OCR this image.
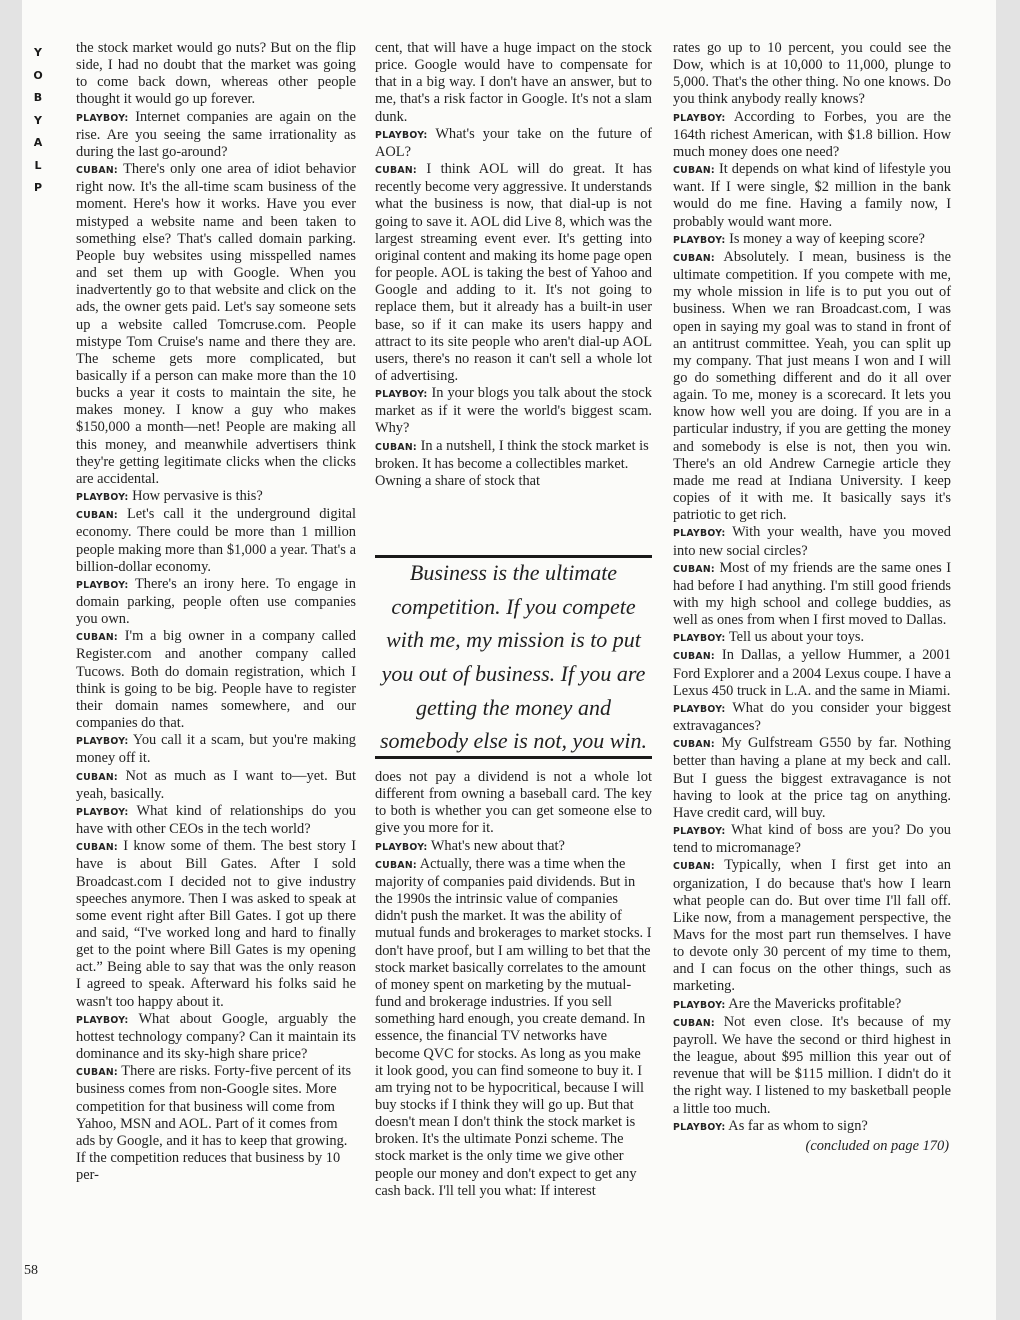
Y
O
B
Y
A
L
P
58

the stock market would go nuts? But on the flip side, I had no doubt that the market was going to come back down, whereas other people thought it would go up forever.

PLAYBOY: Internet companies are again on the rise. Are you seeing the same irrationality as during the last go-around?

CUBAN: There's only one area of idiot behavior right now. It's the all-time scam business of the moment. Here's how it works. Have you ever mistyped a website name and been taken to something else? That's called domain parking. People buy websites using misspelled names and set them up with Google. When you inadvertently go to that website and click on the ads, the owner gets paid. Let's say someone sets up a website called Tomcruse.com. People mistype Tom Cruise's name and there they are. The scheme gets more complicated, but basically if a person can make more than the 10 bucks a year it costs to maintain the site, he makes money. I know a guy who makes $150,000 a month—net! People are making all this money, and meanwhile advertisers think they're getting legitimate clicks when the clicks are accidental.

PLAYBOY: How pervasive is this?

CUBAN: Let's call it the underground digital economy. There could be more than 1 million people making more than $1,000 a year. That's a billion-dollar economy.

PLAYBOY: There's an irony here. To engage in domain parking, people often use companies you own.

CUBAN: I'm a big owner in a company called Register.com and another company called Tucows. Both do domain registration, which I think is going to be big. People have to register their domain names somewhere, and our companies do that.

PLAYBOY: You call it a scam, but you're making money off it.

CUBAN: Not as much as I want to—yet. But yeah, basically.

PLAYBOY: What kind of relationships do you have with other CEOs in the tech world?

CUBAN: I know some of them. The best story I have is about Bill Gates. After I sold Broadcast.com I decided not to give industry speeches anymore. Then I was asked to speak at some event right after Bill Gates. I got up there and said, “I've worked long and hard to finally get to the point where Bill Gates is my opening act.” Being able to say that was the only reason I agreed to speak. Afterward his folks said he wasn't too happy about it.

PLAYBOY: What about Google, arguably the hottest technology company? Can it maintain its dominance and its sky-high share price?

CUBAN: There are risks. Forty-five percent of its business comes from non-Google sites. More competition for that business will come from Yahoo, MSN and AOL. Part of it comes from ads by Google, and it has to keep that growing. If the competition reduces that business by 10 per-

cent, that will have a huge impact on the stock price. Google would have to compensate for that in a big way. I don't have an answer, but to me, that's a risk factor in Google. It's not a slam dunk.

PLAYBOY: What's your take on the future of AOL?

CUBAN: I think AOL will do great. It has recently become very aggressive. It understands what the business is now, that dial-up is not going to save it. AOL did Live 8, which was the largest streaming event ever. It's getting into original content and making its home page open for people. AOL is taking the best of Yahoo and Google and adding to it. It's not going to replace them, but it already has a built-in user base, so if it can make its users happy and attract to its site people who aren't dial-up AOL users, there's no reason it can't sell a whole lot of advertising.

PLAYBOY: In your blogs you talk about the stock market as if it were the world's biggest scam. Why?

CUBAN: In a nutshell, I think the stock market is broken. It has become a collectibles market. Owning a share of stock that

Business is the ultimate competition. If you compete with me, my mission is to put you out of business. If you are getting the money and somebody else is not, you win.

does not pay a dividend is not a whole lot different from owning a baseball card. The key to both is whether you can get someone else to give you more for it.

PLAYBOY: What's new about that?

CUBAN: Actually, there was a time when the majority of companies paid dividends. But in the 1990s the intrinsic value of companies didn't push the market. It was the ability of mutual funds and brokerages to market stocks. I don't have proof, but I am willing to bet that the stock market basically correlates to the amount of money spent on marketing by the mutual-fund and brokerage industries. If you sell something hard enough, you create demand. In essence, the financial TV networks have become QVC for stocks. As long as you make it look good, you can find someone to buy it. I am trying not to be hypocritical, because I will buy stocks if I think they will go up. But that doesn't mean I don't think the stock market is broken. It's the ultimate Ponzi scheme. The stock market is the only time we give other people our money and don't expect to get any cash back. I'll tell you what: If interest

rates go up to 10 percent, you could see the Dow, which is at 10,000 to 11,000, plunge to 5,000. That's the other thing. No one knows. Do you think anybody really knows?

PLAYBOY: According to Forbes, you are the 164th richest American, with $1.8 billion. How much money does one need?

CUBAN: It depends on what kind of lifestyle you want. If I were single, $2 million in the bank would do me fine. Having a family now, I probably would want more.

PLAYBOY: Is money a way of keeping score?

CUBAN: Absolutely. I mean, business is the ultimate competition. If you compete with me, my whole mission in life is to put you out of business. When we ran Broadcast.com, I was open in saying my goal was to stand in front of an antitrust committee. Yeah, you can split up my company. That just means I won and I will go do something different and do it all over again. To me, money is a scorecard. It lets you know how well you are doing. If you are in a particular industry, if you are getting the money and somebody is else is not, then you win. There's an old Andrew Carnegie article they made me read at Indiana University. I keep copies of it with me. It basically says it's patriotic to get rich.

PLAYBOY: With your wealth, have you moved into new social circles?

CUBAN: Most of my friends are the same ones I had before I had anything. I'm still good friends with my high school and college buddies, as well as ones from when I first moved to Dallas.

PLAYBOY: Tell us about your toys.

CUBAN: In Dallas, a yellow Hummer, a 2001 Ford Explorer and a 2004 Lexus coupe. I have a Lexus 450 truck in L.A. and the same in Miami.

PLAYBOY: What do you consider your biggest extravagances?

CUBAN: My Gulfstream G550 by far. Nothing better than having a plane at my beck and call. But I guess the biggest extravagance is not having to look at the price tag on anything. Have credit card, will buy.

PLAYBOY: What kind of boss are you? Do you tend to micromanage?

CUBAN: Typically, when I first get into an organization, I do because that's how I learn what people can do. But over time I'll fall off. Like now, from a management perspective, the Mavs for the most part run themselves. I have to devote only 30 percent of my time to them, and I can focus on the other things, such as marketing.

PLAYBOY: Are the Mavericks profitable?

CUBAN: Not even close. It's because of my payroll. We have the second or third highest in the league, about $95 million this year out of revenue that will be $115 million. I didn't do it the right way. I listened to my basketball people a little too much.

PLAYBOY: As far as whom to sign?

(concluded on page 170)
